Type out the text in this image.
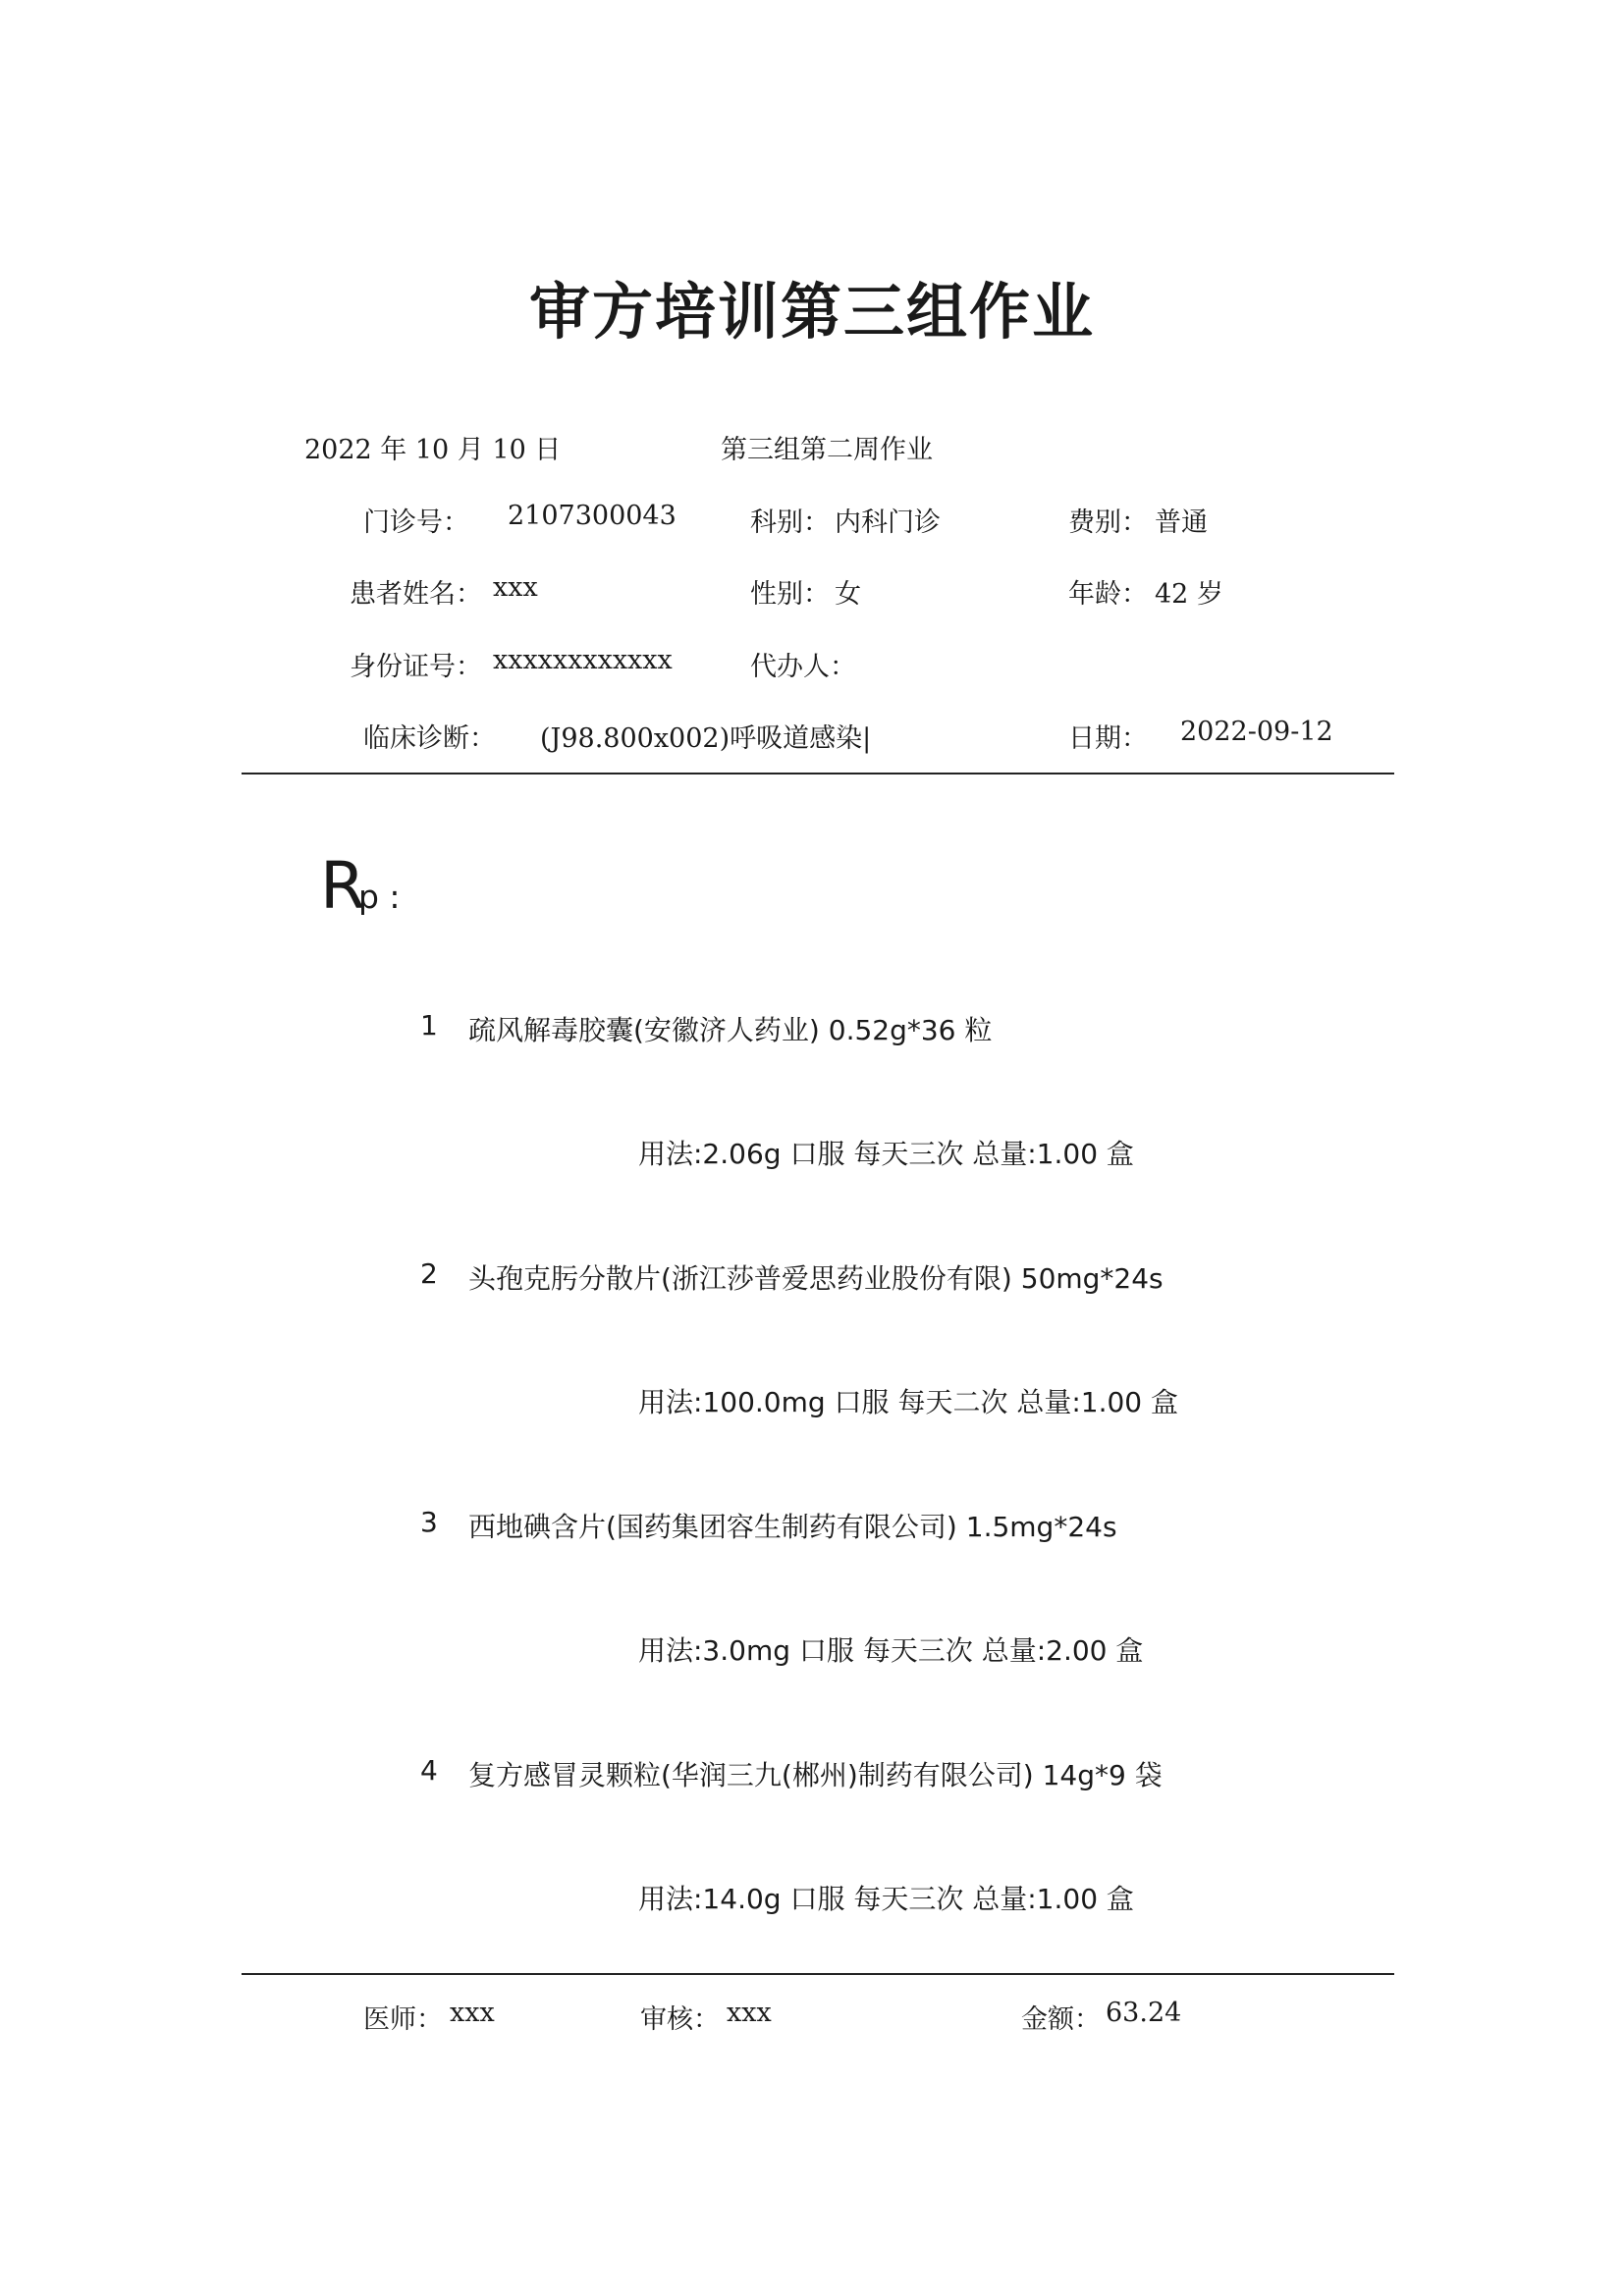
审方培训第三组作业
2022 年 10 月 10 日	第三组第二周作业
门诊号： 2107300043	科别： 内科门诊	费别： 普通
患者姓名： xxx	性别： 女	年龄： 42 岁
身份证号： xxxxxxxxxxxx	代办人：
临床诊断： (J98.800x002)呼吸道感染|	日期： 2022-09-12
R
p :
1 疏风解毒胶囊(安徽济人药业) 0.52g*36 粒
用法:2.06g 口服 每天三次 总量:1.00 盒
2 头孢克肟分散片(浙江莎普爱思药业股份有限) 50mg*24s
用法:100.0mg 口服 每天二次 总量:1.00 盒
3 西地碘含片(国药集团容生制药有限公司) 1.5mg*24s
用法:3.0mg 口服 每天三次 总量:2.00 盒
4 复方感冒灵颗粒(华润三九(郴州)制药有限公司) 14g*9 袋
用法:14.0g 口服 每天三次 总量:1.00 盒
医师： xxx	审核： xxx	金额： 63.24
